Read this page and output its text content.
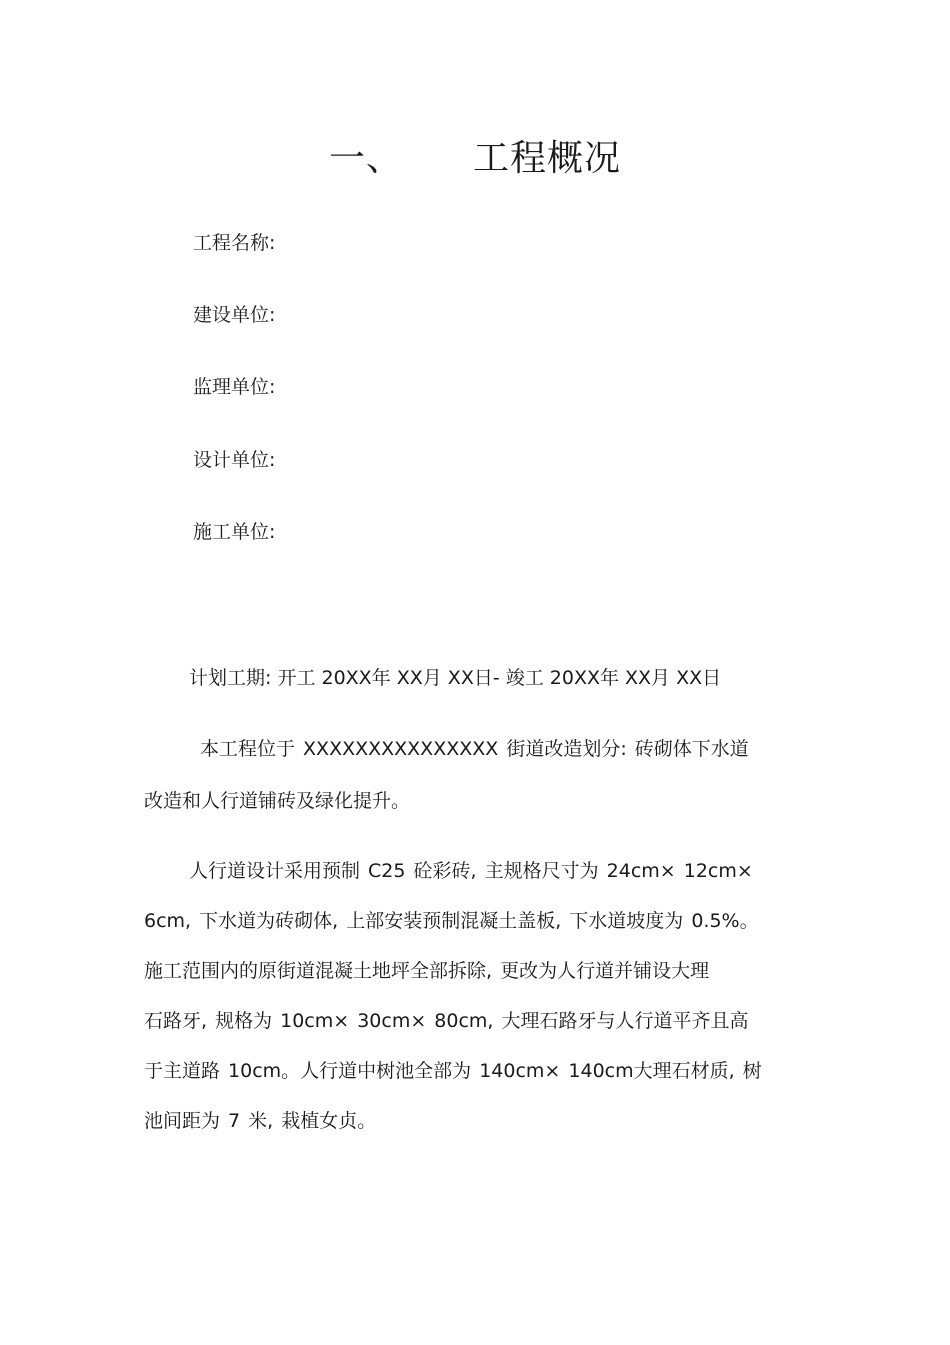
一、 工程概况
工程名称:
建设单位:
监理单位:
设计单位:
施工单位:
计划工期: 开工 20XX年 XX月 XX日- 竣工 20XX年 XX月 XX日
本工程位于 XXXXXXXXXXXXXXX 街道改造划分: 砖砌体下水道
改造和人行道铺砖及绿化提升。
人行道设计采用预制 C25 砼彩砖, 主规格尺寸为 24cm× 12cm×
6cm, 下水道为砖砌体, 上部安装预制混凝土盖板, 下水道坡度为 0.5%。
施工范围内的原街道混凝土地坪全部拆除, 更改为人行道并铺设大理
石路牙, 规格为 10cm× 30cm× 80cm, 大理石路牙与人行道平齐且高
于主道路 10cm。人行道中树池全部为 140cm× 140cm大理石材质, 树
池间距为 7 米, 栽植女贞。
